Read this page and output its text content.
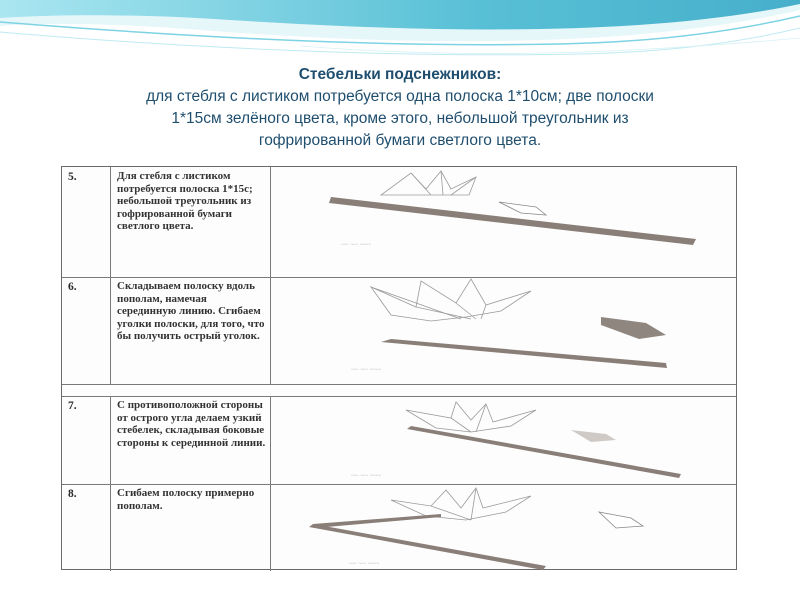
Стебельки подснежников:
для стебля с листиком потребуется одна полоска 1*10см; две полоски
1*15см зелёного цвета, кроме этого, небольшой треугольник из
гофрированной бумаги светлого цвета.
5.	Для стебля с листиком потребуется полоска 1*15с; небольшой треугольник из гофрированной бумаги светлого цвета.
~~ ~~ ~~~
6.	Складываем полоску вдоль пополам, намечая серединную линию. Сгибаем уголки полоски, для того, что бы получить острый уголок.
~~ ~~ ~~~
7.	С противоположной стороны от острого угла делаем узкий стебелек, складывая боковые стороны к серединной линии.
~~ ~~ ~~~
8.	Сгибаем полоску примерно пополам.
~~ ~~ ~~~
